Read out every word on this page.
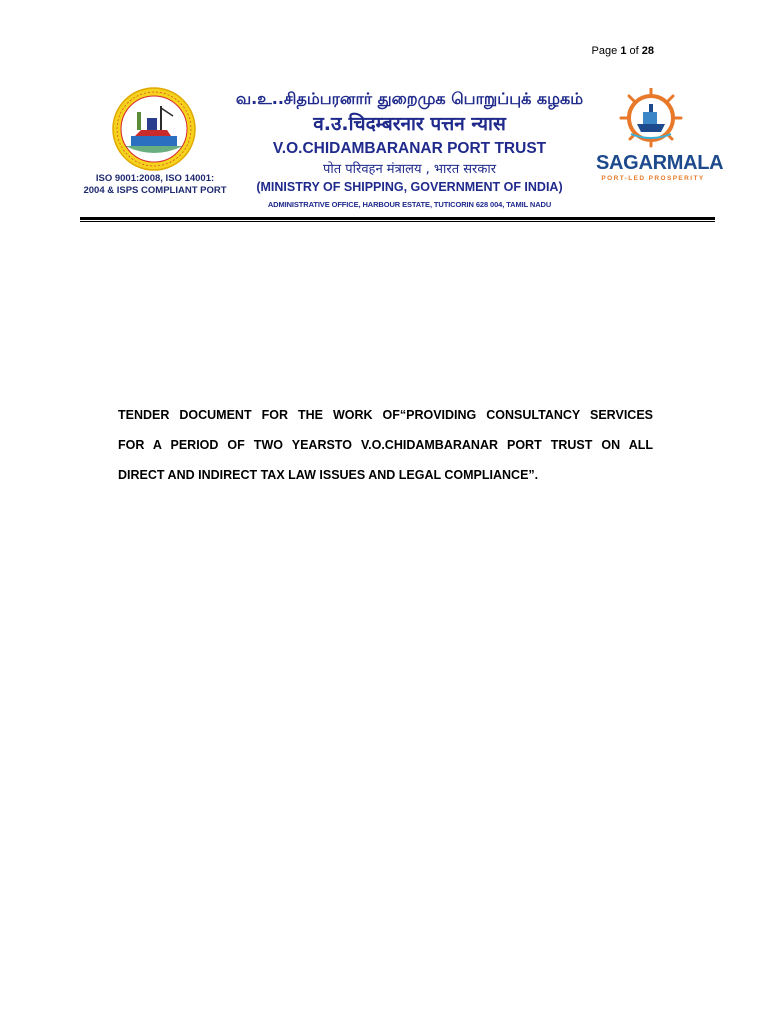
Page 1 of 28
ISO 9001:2008, ISO 14001:
2004 & ISPS COMPLIANT PORT
வ.உ..சிதம்பரனார் துறைமுக பொறுப்புக் கழகம்
व.उ.चिदम्बरनार पत्तन न्यास
V.O.CHIDAMBARANAR PORT TRUST
पोत परिवहन मंत्रालय , भारत सरकार
(MINISTRY OF SHIPPING, GOVERNMENT OF INDIA)
ADMINISTRATIVE OFFICE, HARBOUR ESTATE, TUTICORIN 628 004, TAMIL NADU
SAGARMALA
PORT-LED PROSPERITY
TENDER DOCUMENT FOR THE WORK OF“PROVIDING CONSULTANCY SERVICES
FOR A PERIOD OF TWO YEARSTO V.O.CHIDAMBARANAR PORT TRUST ON ALL
DIRECT AND INDIRECT TAX LAW ISSUES AND LEGAL COMPLIANCE”.
